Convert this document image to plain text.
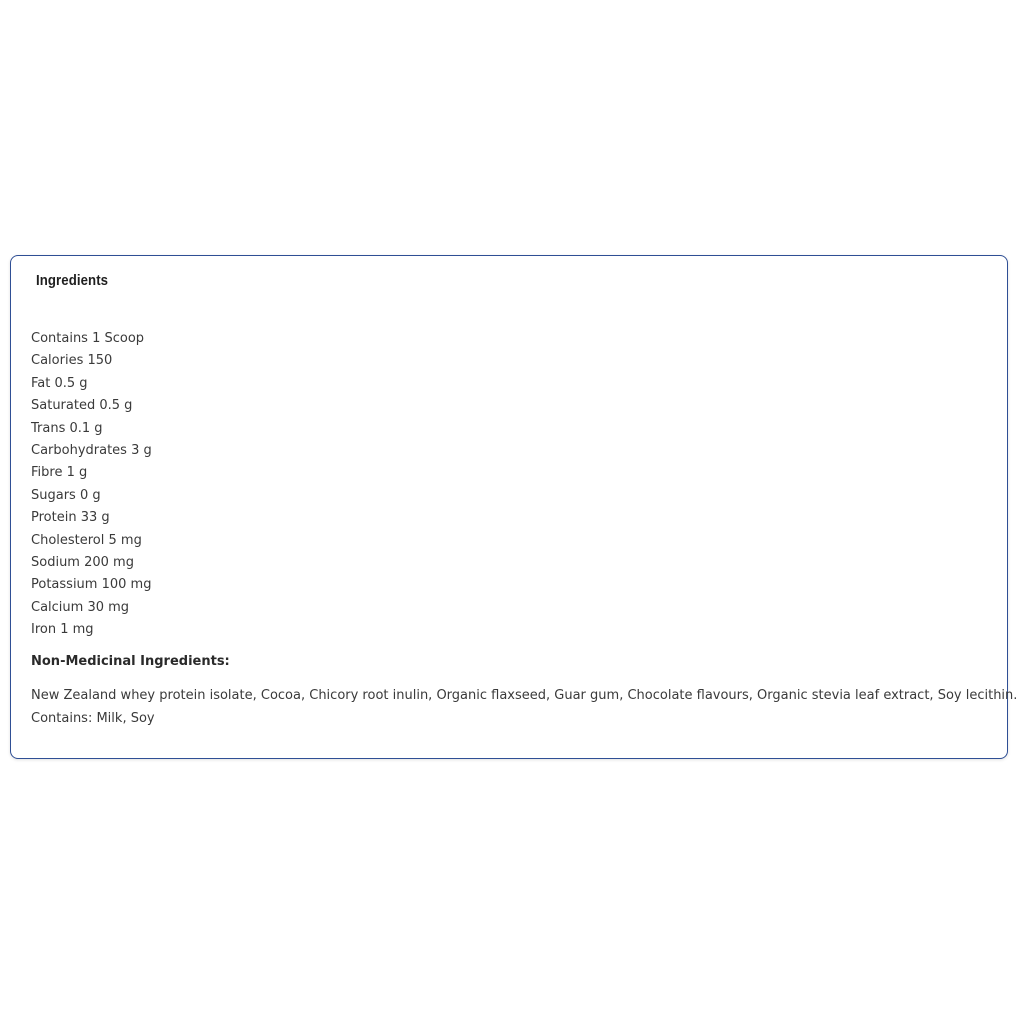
Ingredients
Contains 1 Scoop
Calories 150
Fat 0.5 g
Saturated 0.5 g
Trans 0.1 g
Carbohydrates 3 g
Fibre 1 g
Sugars 0 g
Protein 33 g
Cholesterol 5 mg
Sodium 200 mg
Potassium 100 mg
Calcium 30 mg
Iron 1 mg
Non-Medicinal Ingredients:
New Zealand whey protein isolate, Cocoa, Chicory root inulin, Organic flaxseed, Guar gum, Chocolate flavours, Organic stevia leaf extract, Soy lecithin.
Contains: Milk, Soy
